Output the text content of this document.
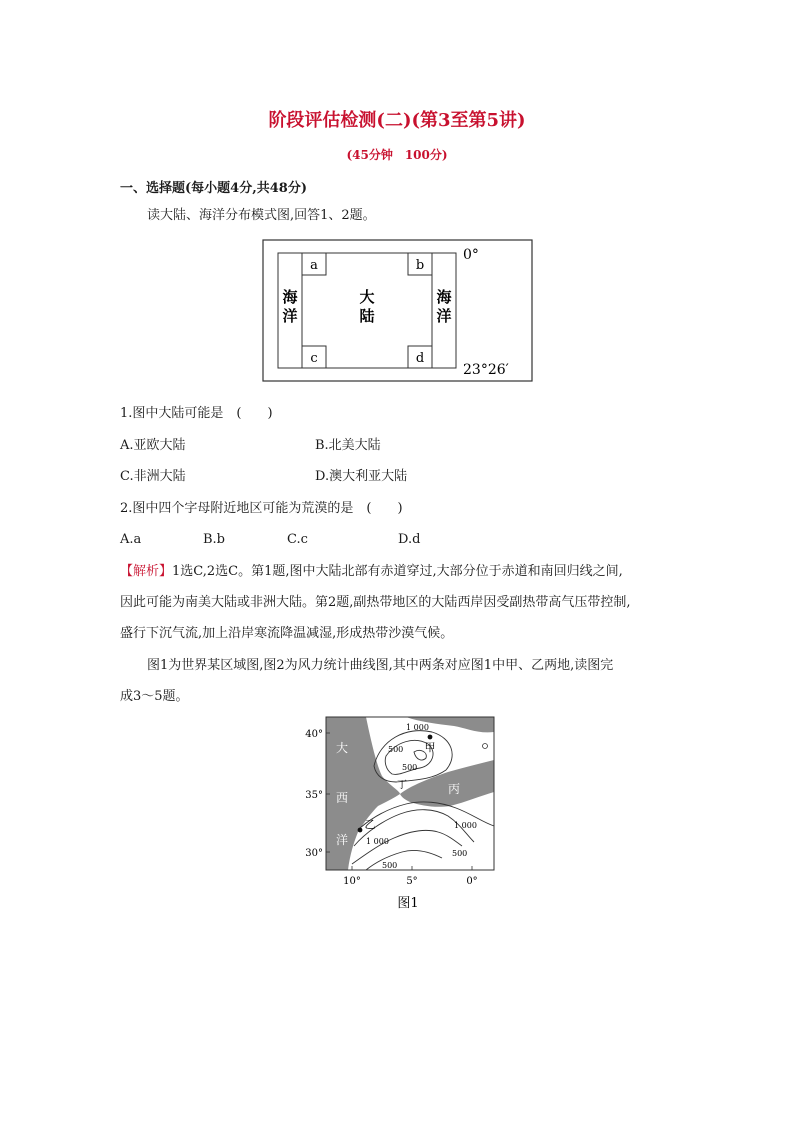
阶段评估检测(二)(第3至第5讲)
(45分钟　100分)
一、选择题(每小题4分,共48分)
读大陆、海洋分布模式图,回答1、2题。
a	b
c	d
海
洋
大
陆
海
洋
0°
23°26′
1.图中大陆可能是　(　　)
A.亚欧大陆	B.北美大陆
C.非洲大陆	D.澳大利亚大陆
2.图中四个字母附近地区可能为荒漠的是　(　　)
A.a	B.b	C.c	D.d
【解析】1选C,2选C。第1题,图中大陆北部有赤道穿过,大部分位于赤道和南回归线之间,
因此可能为南美大陆或非洲大陆。第2题,副热带地区的大陆西岸因受副热带高气压带控制,
盛行下沉气流,加上沿岸寒流降温减湿,形成热带沙漠气候。
图1为世界某区域图,图2为风力统计曲线图,其中两条对应图1中甲、乙两地,读图完
成3～5题。
40°
35°
30°
10°	5°	0°
大
西
洋
丙
丁
甲
乙
1 000
500
500
1 000
1 000
500
500
图1
